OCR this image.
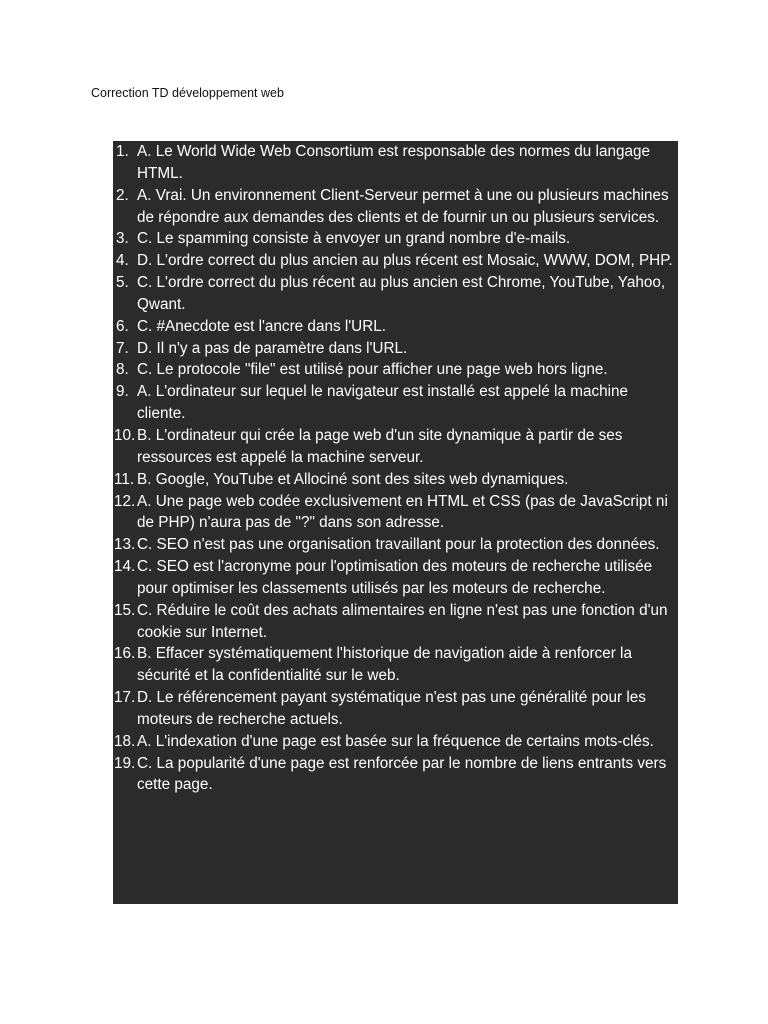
Correction TD développement web
1. A. Le World Wide Web Consortium est responsable des normes du langage HTML.
2. A. Vrai. Un environnement Client-Serveur permet à une ou plusieurs machines de répondre aux demandes des clients et de fournir un ou plusieurs services.
3. C. Le spamming consiste à envoyer un grand nombre d'e-mails.
4. D. L'ordre correct du plus ancien au plus récent est Mosaic, WWW, DOM, PHP.
5. C. L'ordre correct du plus récent au plus ancien est Chrome, YouTube, Yahoo, Qwant.
6. C. #Anecdote est l'ancre dans l'URL.
7. D. Il n'y a pas de paramètre dans l'URL.
8. C. Le protocole "file" est utilisé pour afficher une page web hors ligne.
9. A. L'ordinateur sur lequel le navigateur est installé est appelé la machine cliente.
10. B. L'ordinateur qui crée la page web d'un site dynamique à partir de ses ressources est appelé la machine serveur.
11. B. Google, YouTube et Allociné sont des sites web dynamiques.
12. A. Une page web codée exclusivement en HTML et CSS (pas de JavaScript ni de PHP) n'aura pas de "?" dans son adresse.
13. C. SEO n'est pas une organisation travaillant pour la protection des données.
14. C. SEO est l'acronyme pour l'optimisation des moteurs de recherche utilisée pour optimiser les classements utilisés par les moteurs de recherche.
15. C. Réduire le coût des achats alimentaires en ligne n'est pas une fonction d'un cookie sur Internet.
16. B. Effacer systématiquement l'historique de navigation aide à renforcer la sécurité et la confidentialité sur le web.
17. D. Le référencement payant systématique n'est pas une généralité pour les moteurs de recherche actuels.
18. A. L'indexation d'une page est basée sur la fréquence de certains mots-clés.
19. C. La popularité d'une page est renforcée par le nombre de liens entrants vers cette page.
